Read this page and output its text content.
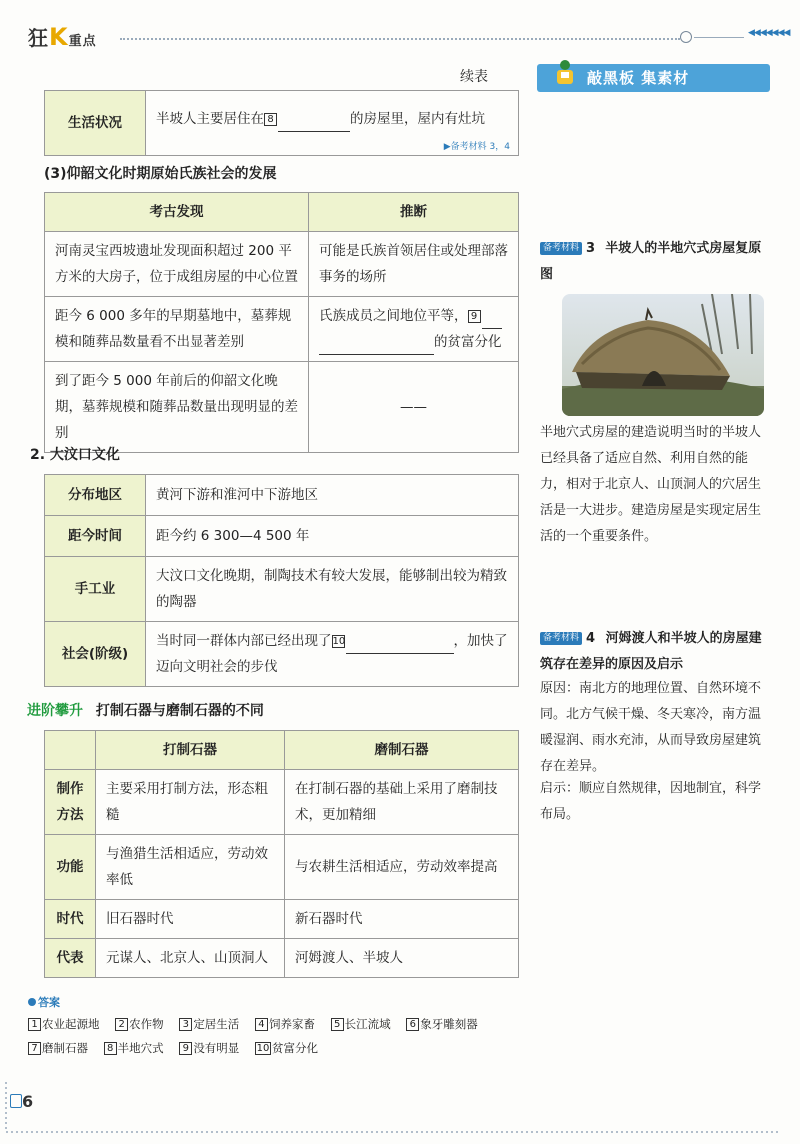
狂K重点
◀◀◀◀◀◀◀
续表
生活状况	半坡人主要居住在 8	的房屋里，屋内有灶坑
▶备考材料 3，4
(3)仰韶文化时期原始氏族社会的发展
考古发现	推断
河南灵宝西坡遗址发现面积超过 200 平方米的大房子，位于成组房屋的中心位置	可能是氏族首领居住或处理部落事务的场所
距今 6 000 多年的早期墓地中，墓葬规模和随葬品数量看不出显著差别	氏族成员之间地位平等， 9
的贫富分化
到了距今 5 000 年前后的仰韶文化晚期，墓葬规模和随葬品数量出现明显的差别	——
2. 大汶口文化
分布地区	黄河下游和淮河中下游地区
距今时间	距今约 6 300—4 500 年
手工业	大汶口文化晚期，制陶技术有较大发展，能够制出较为精致的陶器
社会(阶级)	当时同一群体内部已经出现了10 ，加快了迈向文明社会的步伐
进阶攀升 打制石器与磨制石器的不同
	打制石器	磨制石器
制作方法	主要采用打制方法，形态粗糙	在打制石器的基础上采用了磨制技术，更加精细
功能	与渔猎生活相适应，劳动效率低	与农耕生活相适应，劳动效率提高
时代	旧石器时代	新石器时代
代表	元谋人、北京人、山顶洞人	河姆渡人、半坡人
答案
1 农业起源地 2 农作物 3 定居生活 4 饲养家畜 5 长江流域 6 象牙雕刻器
7 磨制石器 8 半地穴式 9 没有明显 10 贫富分化
敲黑板 集素材
备考材料 3 半坡人的半地穴式房屋复原图
半地穴式房屋的建造说明当时的半坡人已经具备了适应自然、利用自然的能力，相对于北京人、山顶洞人的穴居生活是一大进步。建造房屋是实现定居生活的一个重要条件。
备考材料 4 河姆渡人和半坡人的房屋建筑存在差异的原因及启示
原因：南北方的地理位置、自然环境不同。北方气候干燥、冬天寒冷，南方温暖湿润、雨水充沛，从而导致房屋建筑存在差异。
启示：顺应自然规律，因地制宜，科学布局。
6
